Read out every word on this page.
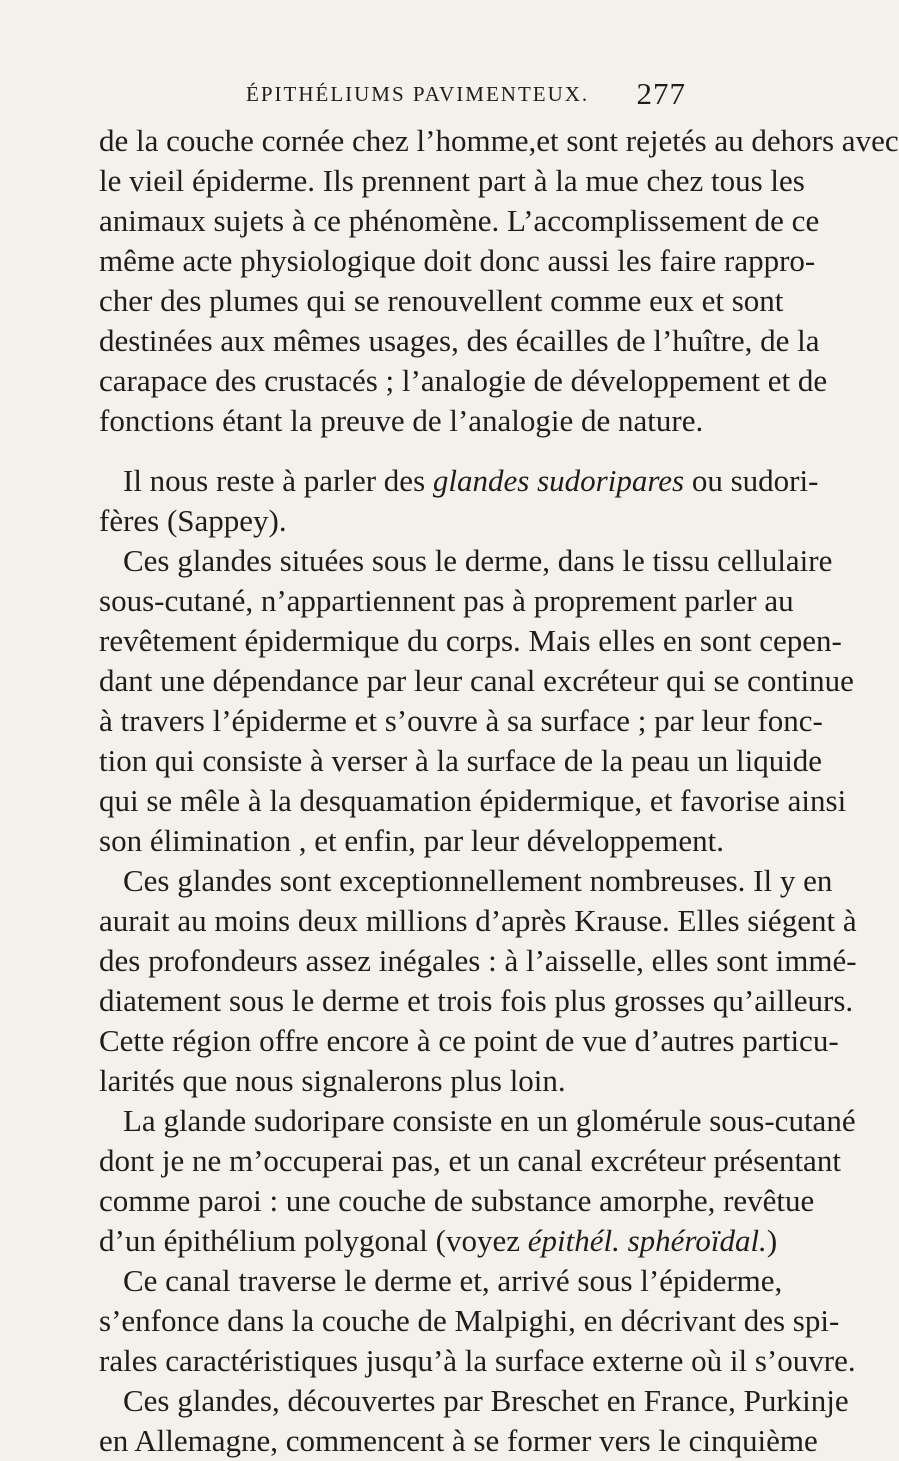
ÉPITHÉLIUMS PAVIMENTEUX. 277

de la couche cornée chez l’homme,et sont rejetés au dehors avec
le vieil épiderme. Ils prennent part à la mue chez tous les
animaux sujets à ce phénomène. L’accomplissement de ce
même acte physiologique doit donc aussi les faire rappro-
cher des plumes qui se renouvellent comme eux et sont
destinées aux mêmes usages, des écailles de l’huître, de la
carapace des crustacés ; l’analogie de développement et de
fonctions étant la preuve de l’analogie de nature.

Il nous reste à parler des glandes sudoripares ou sudori-
fères (Sappey).

Ces glandes situées sous le derme, dans le tissu cellulaire
sous-cutané, n’appartiennent pas à proprement parler au
revêtement épidermique du corps. Mais elles en sont cepen-
dant une dépendance par leur canal excréteur qui se continue
à travers l’épiderme et s’ouvre à sa surface ; par leur fonc-
tion qui consiste à verser à la surface de la peau un liquide
qui se mêle à la desquamation épidermique, et favorise ainsi
son élimination , et enfin, par leur développement.

Ces glandes sont exceptionnellement nombreuses. Il y en
aurait au moins deux millions d’après Krause. Elles siégent à
des profondeurs assez inégales : à l’aisselle, elles sont immé-
diatement sous le derme et trois fois plus grosses qu’ailleurs.
Cette région offre encore à ce point de vue d’autres particu-
larités que nous signalerons plus loin.

La glande sudoripare consiste en un glomérule sous-cutané
dont je ne m’occuperai pas, et un canal excréteur présentant
comme paroi : une couche de substance amorphe, revêtue
d’un épithélium polygonal (voyez épithél. sphéroïdal.)

Ce canal traverse le derme et, arrivé sous l’épiderme,
s’enfonce dans la couche de Malpighi, en décrivant des spi-
rales caractéristiques jusqu’à la surface externe où il s’ouvre.

Ces glandes, découvertes par Breschet en France, Purkinje
en Allemagne, commencent à se former vers le cinquième
